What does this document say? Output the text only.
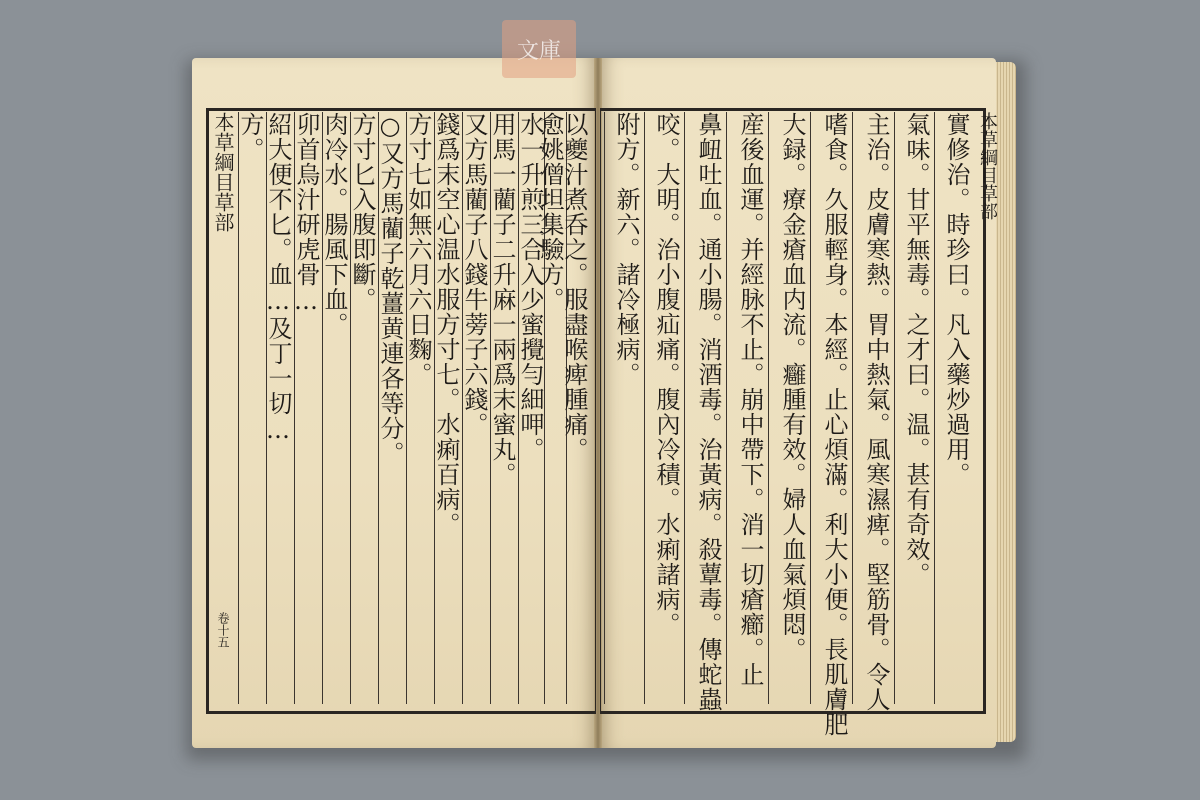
文庫
本草綱目草部
卷十五
方。 紹大便不匕。血…及丁一切… 卯首烏汁研虎骨… 肉冷水。腸風下血。 方寸匕入腹即斷。 ○又方馬藺子乾薑黄連各等分。 方寸七如無六月六日麴。 錢爲末空心温水服方寸七。水痢百病。 又方馬藺子八錢牛蒡子六錢。 用馬一藺子二升麻一兩爲末蜜丸。 水一升煎三合入少蜜攪勻細呷。
愈姚僧坦集驗方。
以夔汁煮呑之。服盡喉痺腫痛。	附方。新六。諸冷極病。 咬。大明。治小腹疝痛。腹內冷積。水痢諸病。 鼻衄吐血。通小腸。消酒毒。治黃病。殺蕈毒。傳蛇蟲 産後血運。并經脉不止。崩中帶下。消一切瘡癤。止 大録。療金瘡血内流。癰腫有效。婦人血氣煩悶。 嗜食。久服輕身。本經。止心煩滿。利大小便。長肌膚肥 主治。皮膚寒熱。胃中熱氣。風寒濕痺。堅筋骨。令人 氣味。甘平無毒。之才曰。温。甚有奇效。 實修治。時珍曰。凡入藥炒過用。 本草綱目草部
